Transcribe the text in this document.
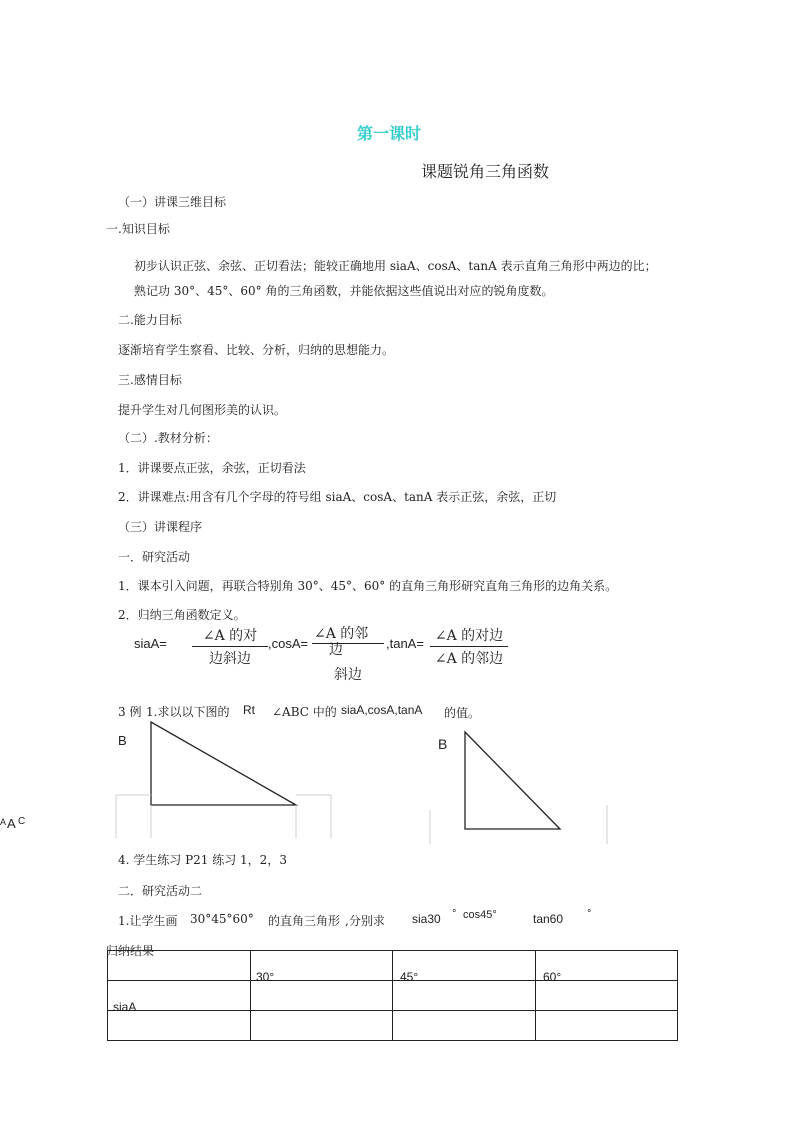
第一课时
课题锐角三角函数
（一）讲课三维目标
一.知识目标
初步认识正弦、余弦、正切看法；能较正确地用 siaA、cosA、tanA 表示直角三角形中两边的比；
熟记功 30°、45°、60° 角的三角函数，并能依据这些值说出对应的锐角度数。
二.能力目标
逐渐培育学生察看、比较、分析，归纳的思想能力。
三.感情目标
提升学生对几何图形美的认识。
（二）.教材分析：
1．讲课要点正弦，余弦，正切看法
2．讲课难点:用含有几个字母的符号组 siaA、cosA、tanA 表示正弦，余弦，正切
（三）讲课程序
一．研究活动
1．课本引入问题，再联合特别角 30°、45°、60° 的直角三角形研究直角三角形的边角关系。
2．归纳三角函数定义。
siaA=	∠A 的对
边斜边
,cosA=
∠A 的邻
边
斜边
,tanA= ∠A 的对边
∠A 的邻边
3 例 1.求以以下图的 Rt ∠ABC 中的 siaA,cosA,tanA 的值。
B	B
A A C
4. 学生练习 P21 练习 1，2，3
二．研究活动二
1.让学生画 30°45°60° 的直角三角形 ,分别求 sia30 ° cos45°	tan60	°
归纳结果

30°	45°	60°
siaA
